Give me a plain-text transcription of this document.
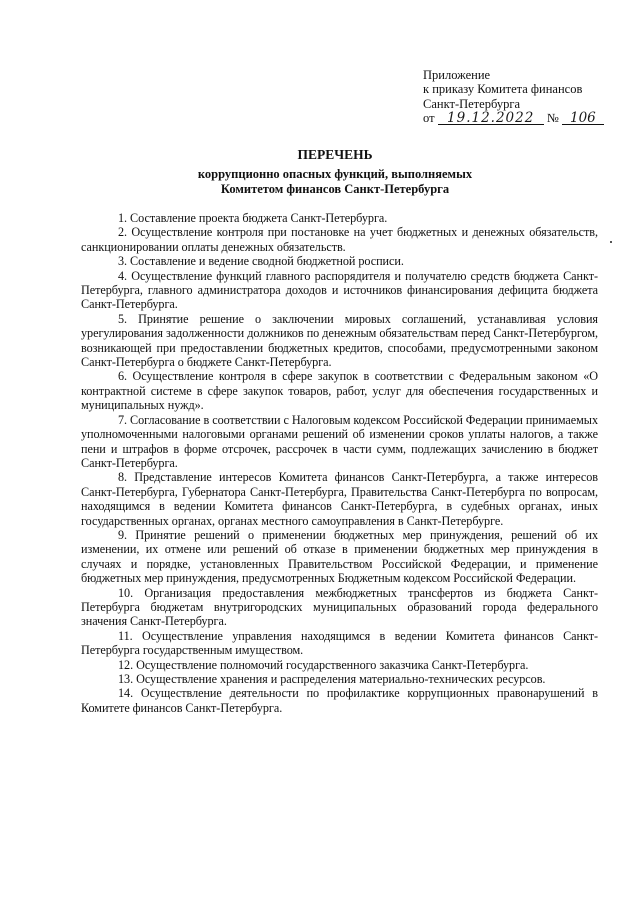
Приложение
к приказу Комитета финансов
Санкт-Петербурга
от 19.12.2022 № 106
ПЕРЕЧЕНЬ
коррупционно опасных функций, выполняемых
Комитетом финансов Санкт-Петербурга

1. Составление проекта бюджета Санкт-Петербурга.

2. Осуществление контроля при постановке на учет бюджетных и денежных обязательств, санкционировании оплаты денежных обязательств.

3. Составление и ведение сводной бюджетной росписи.

4. Осуществление функций главного распорядителя и получателю средств бюджета Санкт-Петербурга, главного администратора доходов и источников финансирования дефицита бюджета Санкт-Петербурга.

5. Принятие решение о заключении мировых соглашений, устанавливая условия урегулирования задолженности должников по денежным обязательствам перед Санкт-Петербургом, возникающей при предоставлении бюджетных кредитов, способами, предусмотренными законом Санкт-Петербурга о бюджете Санкт-Петербурга.

6. Осуществление контроля в сфере закупок в соответствии с Федеральным законом «О контрактной системе в сфере закупок товаров, работ, услуг для обеспечения государственных и муниципальных нужд».

7. Согласование в соответствии с Налоговым кодексом Российской Федерации принимаемых уполномоченными налоговыми органами решений об изменении сроков уплаты налогов, а также пени и штрафов в форме отсрочек, рассрочек в части сумм, подлежащих зачислению в бюджет Санкт-Петербурга.

8. Представление интересов Комитета финансов Санкт-Петербурга, а также интересов Санкт-Петербурга, Губернатора Санкт-Петербурга, Правительства Санкт-Петербурга по вопросам, находящимся в ведении Комитета финансов Санкт-Петербурга, в судебных органах, иных государственных органах, органах местного самоуправления в Санкт-Петербурге.

9. Принятие решений о применении бюджетных мер принуждения, решений об их изменении, их отмене или решений об отказе в применении бюджетных мер принуждения в случаях и порядке, установленных Правительством Российской Федерации, и применение бюджетных мер принуждения, предусмотренных Бюджетным кодексом Российской Федерации.

10. Организация предоставления межбюджетных трансфертов из бюджета Санкт-Петербурга бюджетам внутригородских муниципальных образований города федерального значения Санкт-Петербурга.

11. Осуществление управления находящимся в ведении Комитета финансов Санкт-Петербурга государственным имуществом.

12. Осуществление полномочий государственного заказчика Санкт-Петербурга.

13. Осуществление хранения и распределения материально-технических ресурсов.

14. Осуществление деятельности по профилактике коррупционных правонарушений в Комитете финансов Санкт-Петербурга.
